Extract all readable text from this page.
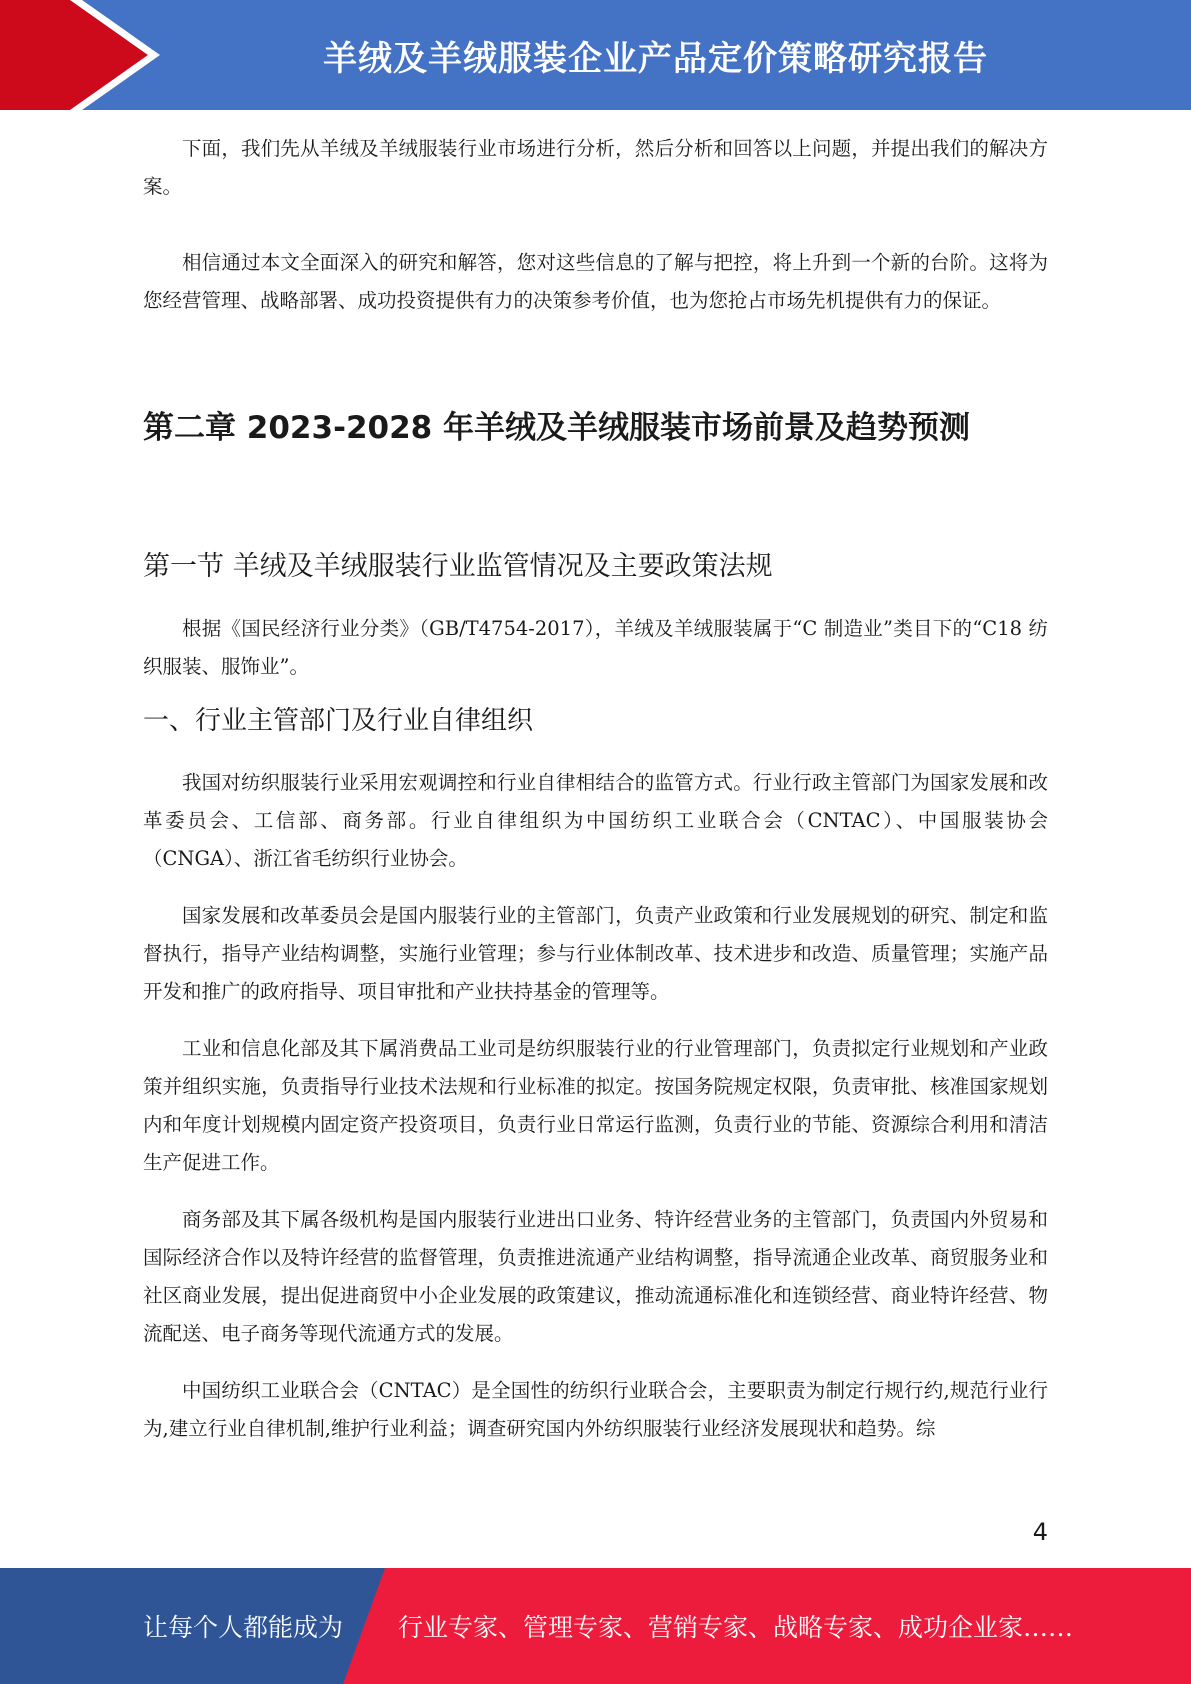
羊绒及羊绒服装企业产品定价策略研究报告

下面，我们先从羊绒及羊绒服装行业市场进行分析，然后分析和回答以上问题，并提出我们的解决方案。

相信通过本文全面深入的研究和解答，您对这些信息的了解与把控，将上升到一个新的台阶。这将为您经营管理、战略部署、成功投资提供有力的决策参考价值，也为您抢占市场先机提供有力的保证。

第二章 2023-2028 年羊绒及羊绒服装市场前景及趋势预测
第一节 羊绒及羊绒服装行业监管情况及主要政策法规

根据《国民经济行业分类》（GB/T4754-2017），羊绒及羊绒服装属于“C 制造业”类目下的“C18 纺织服装、服饰业”。

一、行业主管部门及行业自律组织

我国对纺织服装行业采用宏观调控和行业自律相结合的监管方式。行业行政主管部门为国家发展和改革委员会、工信部、商务部。行业自律组织为中国纺织工业联合会（CNTAC）、中国服装协会（CNGA）、浙江省毛纺织行业协会。

国家发展和改革委员会是国内服装行业的主管部门，负责产业政策和行业发展规划的研究、制定和监督执行，指导产业结构调整，实施行业管理；参与行业体制改革、技术进步和改造、质量管理；实施产品开发和推广的政府指导、项目审批和产业扶持基金的管理等。

工业和信息化部及其下属消费品工业司是纺织服装行业的行业管理部门，负责拟定行业规划和产业政策并组织实施，负责指导行业技术法规和行业标准的拟定。按国务院规定权限，负责审批、核准国家规划内和年度计划规模内固定资产投资项目，负责行业日常运行监测，负责行业的节能、资源综合利用和清洁生产促进工作。

商务部及其下属各级机构是国内服装行业进出口业务、特许经营业务的主管部门，负责国内外贸易和国际经济合作以及特许经营的监督管理，负责推进流通产业结构调整，指导流通企业改革、商贸服务业和社区商业发展，提出促进商贸中小企业发展的政策建议，推动流通标准化和连锁经营、商业特许经营、物流配送、电子商务等现代流通方式的发展。

中国纺织工业联合会（CNTAC）是全国性的纺织行业联合会，主要职责为制定行规行约,规范行业行为,建立行业自律机制,维护行业利益；调查研究国内外纺织服装行业经济发展现状和趋势。综

4
让每个人都能成为 行业专家、管理专家、营销专家、战略专家、成功企业家……
